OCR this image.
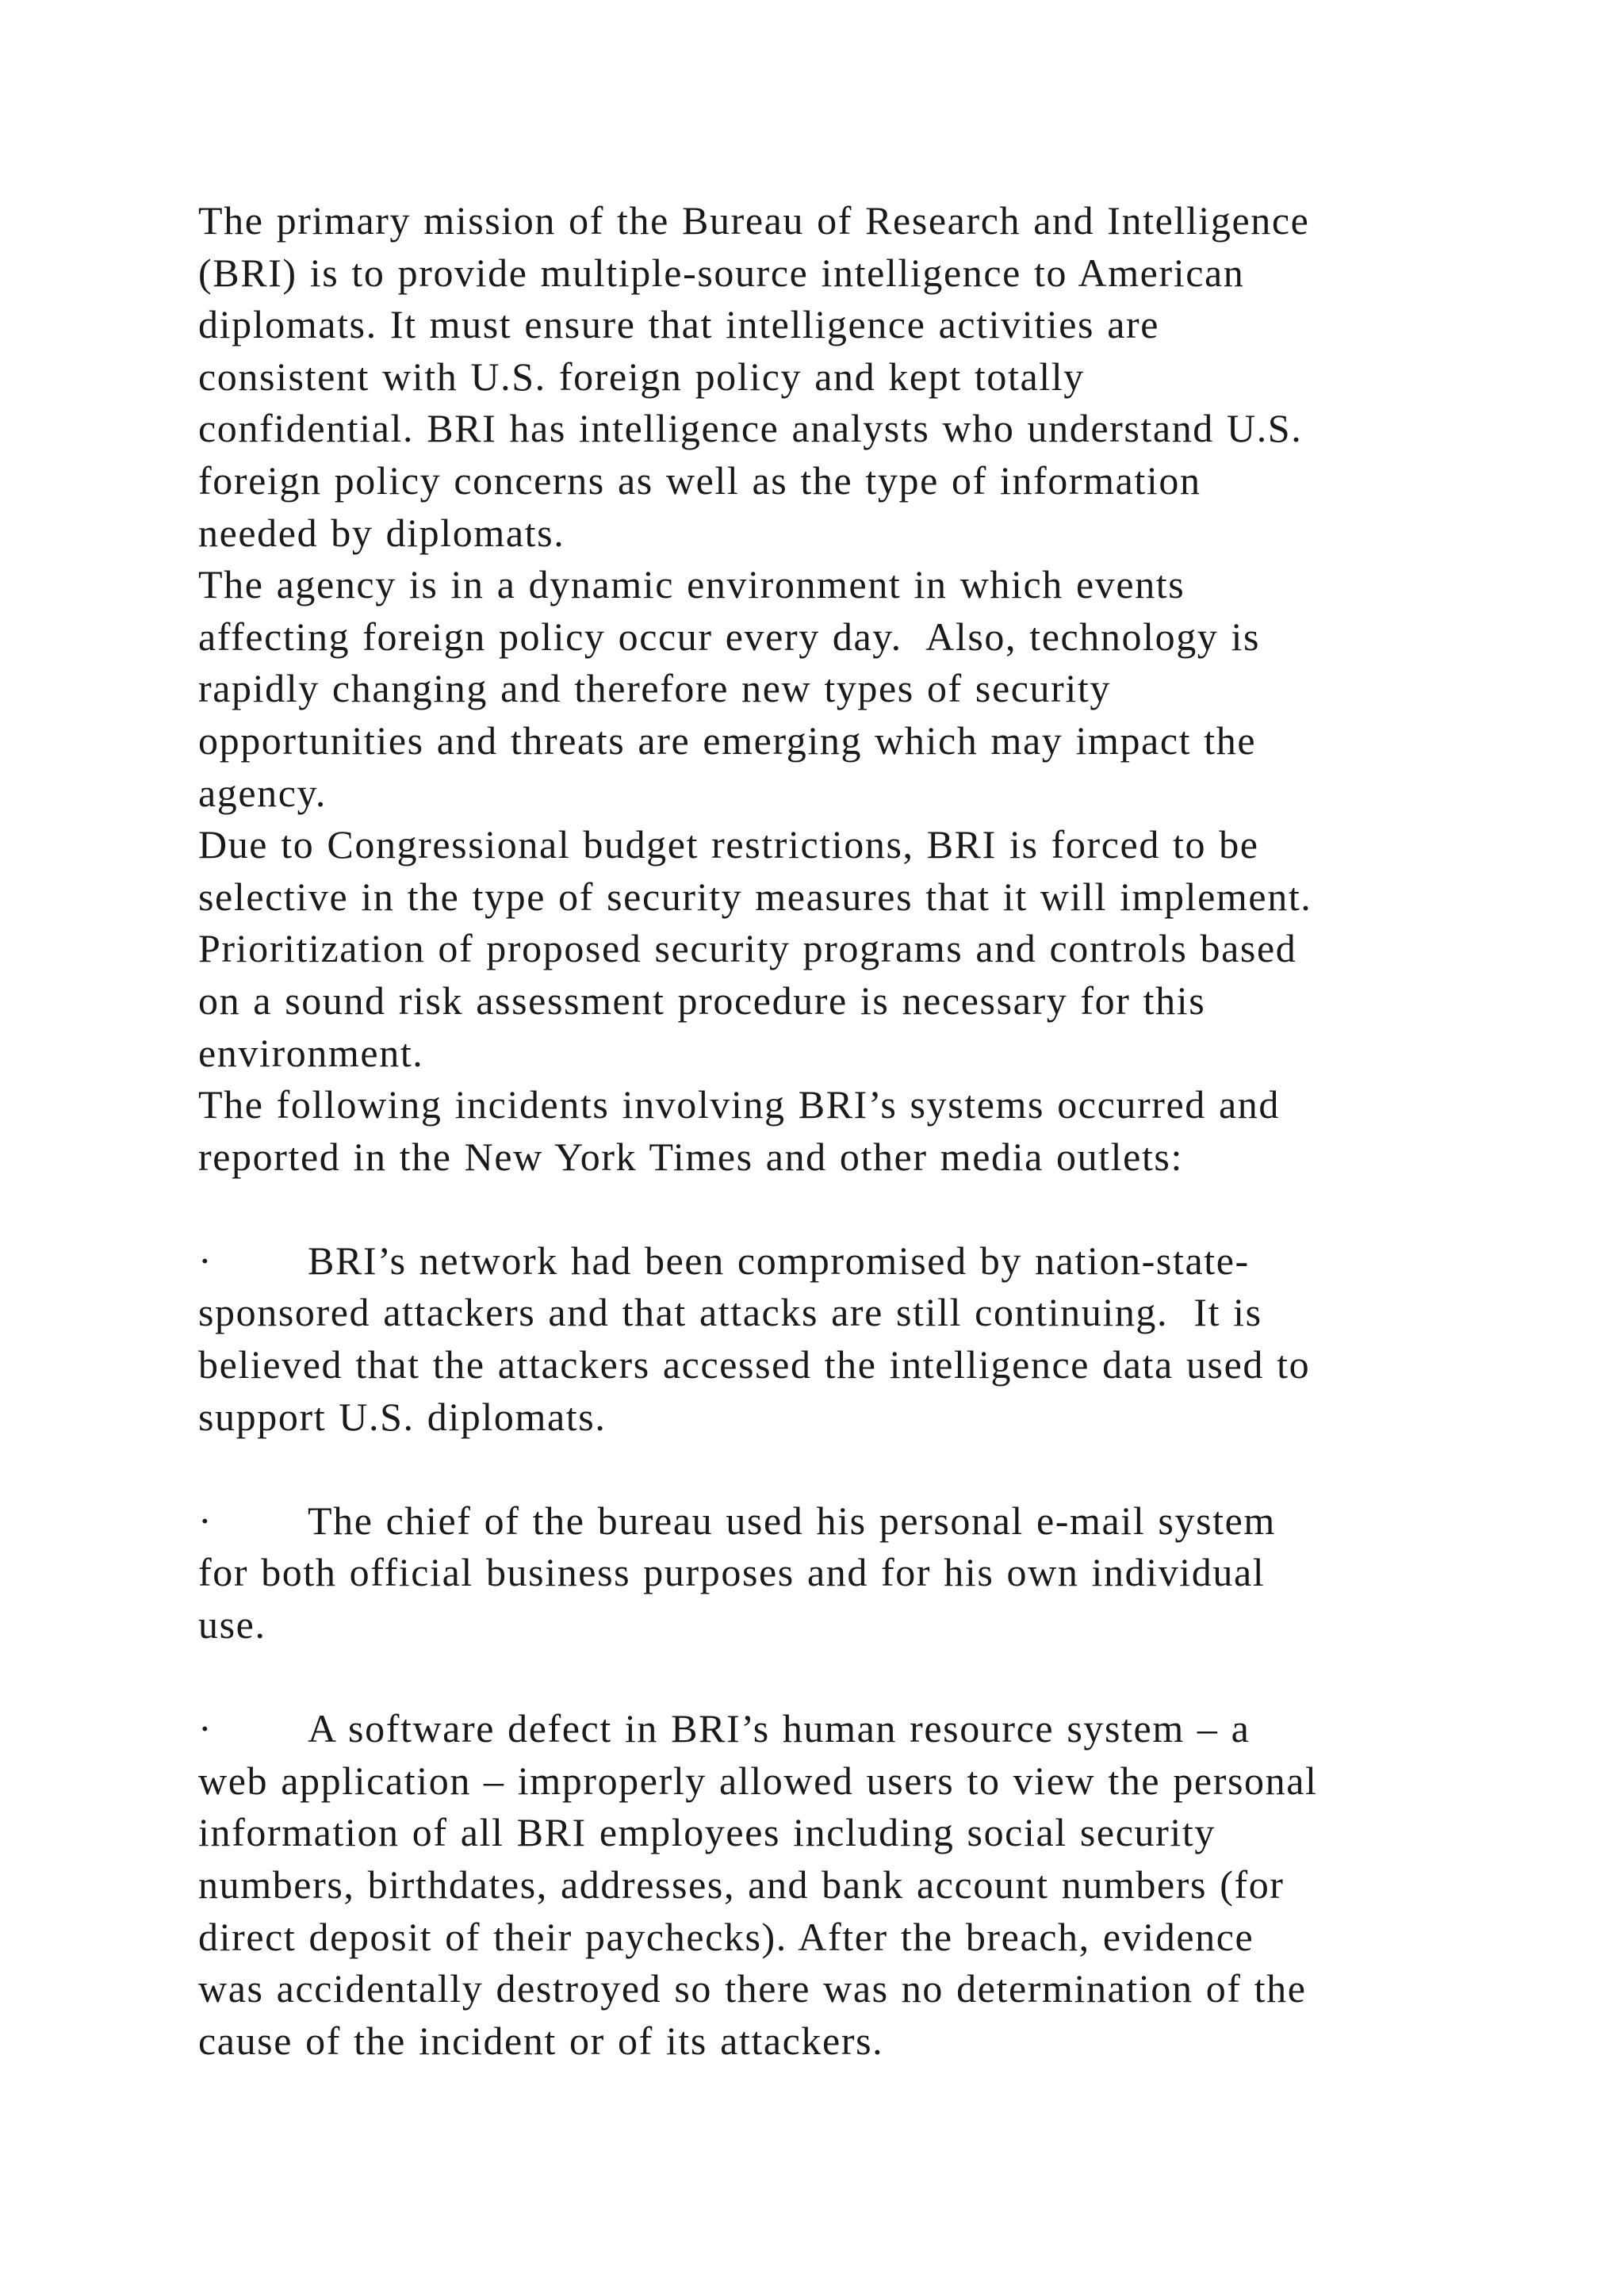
The primary mission of the Bureau of Research and Intelligence
(BRI) is to provide multiple-source intelligence to American
diplomats. It must ensure that intelligence activities are
consistent with U.S. foreign policy and kept totally
confidential. BRI has intelligence analysts who understand U.S.
foreign policy concerns as well as the type of information
needed by diplomats.
The agency is in a dynamic environment in which events
affecting foreign policy occur every day.  Also, technology is
rapidly changing and therefore new types of security
opportunities and threats are emerging which may impact the
agency.
Due to Congressional budget restrictions, BRI is forced to be
selective in the type of security measures that it will implement.
Prioritization of proposed security programs and controls based
on a sound risk assessment procedure is necessary for this
environment.
The following incidents involving BRI’s systems occurred and
reported in the New York Times and other media outlets:
· BRI’s network had been compromised by nation-state-
sponsored attackers and that attacks are still continuing.  It is
believed that the attackers accessed the intelligence data used to
support U.S. diplomats.
· The chief of the bureau used his personal e-mail system
for both official business purposes and for his own individual
use.
· A software defect in BRI’s human resource system – a
web application – improperly allowed users to view the personal
information of all BRI employees including social security
numbers, birthdates, addresses, and bank account numbers (for
direct deposit of their paychecks). After the breach, evidence
was accidentally destroyed so there was no determination of the
cause of the incident or of its attackers.
